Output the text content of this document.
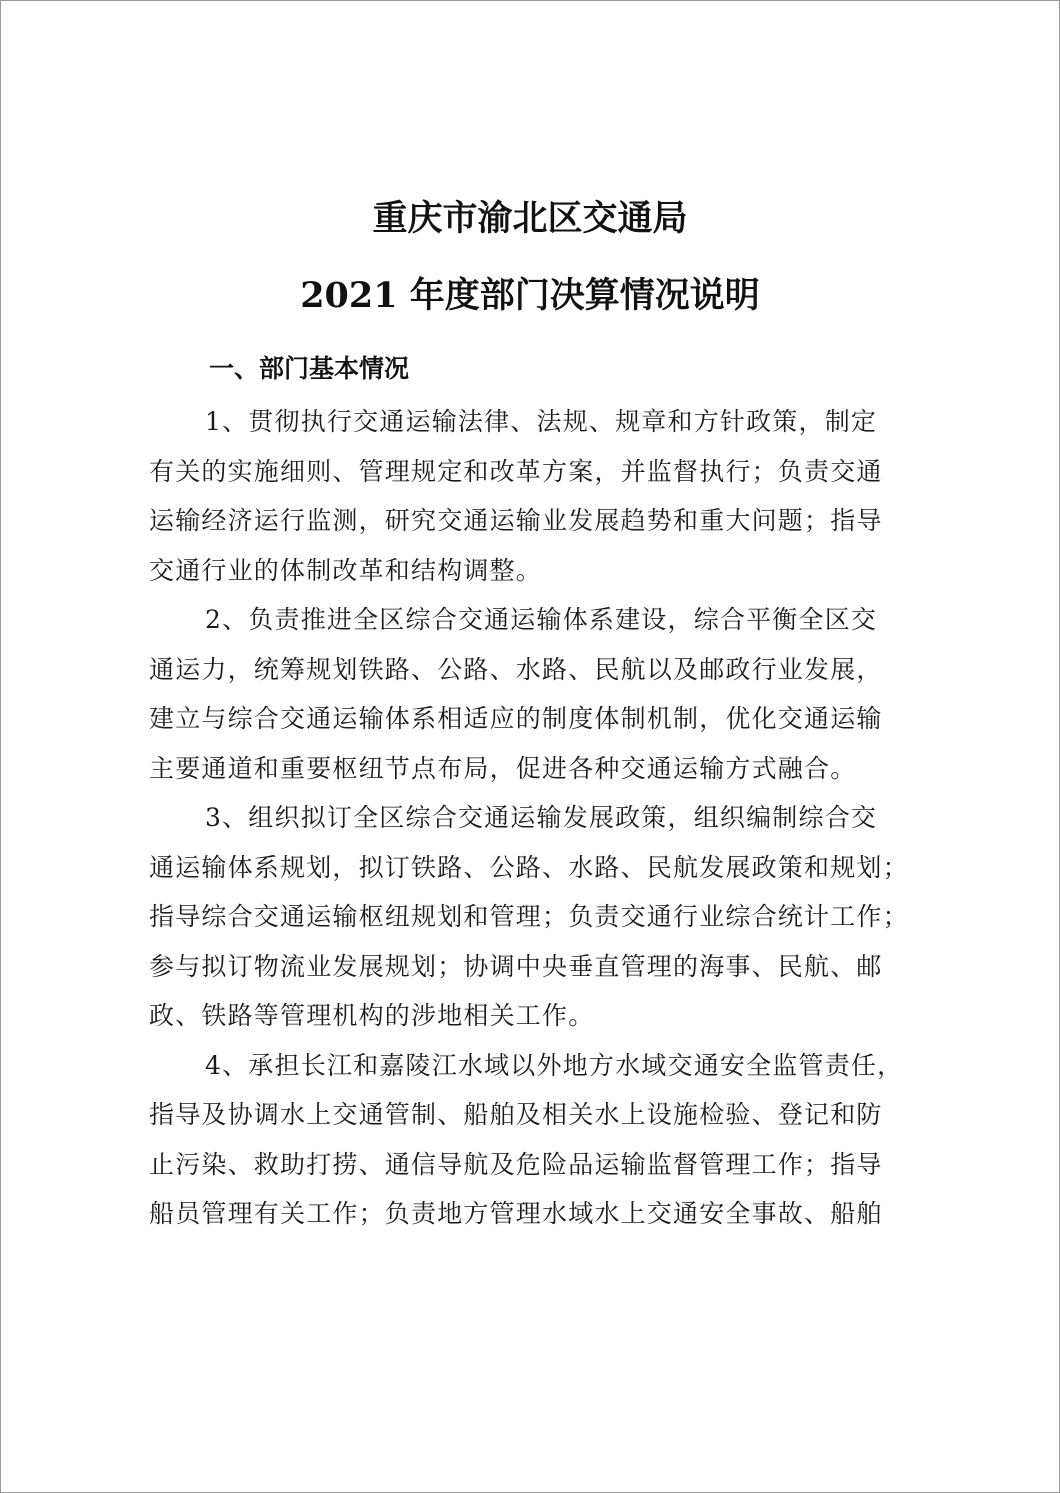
重庆市渝北区交通局
2021 年度部门决算情况说明
一、部门基本情况
1、贯彻执行交通运输法律、法规、规章和方针政策，制定
有关的实施细则、管理规定和改革方案，并监督执行；负责交通
运输经济运行监测，研究交通运输业发展趋势和重大问题；指导
交通行业的体制改革和结构调整。
2、负责推进全区综合交通运输体系建设，综合平衡全区交
通运力，统筹规划铁路、公路、水路、民航以及邮政行业发展，
建立与综合交通运输体系相适应的制度体制机制，优化交通运输
主要通道和重要枢纽节点布局，促进各种交通运输方式融合。
3、组织拟订全区综合交通运输发展政策，组织编制综合交
通运输体系规划，拟订铁路、公路、水路、民航发展政策和规划；
指导综合交通运输枢纽规划和管理；负责交通行业综合统计工作；
参与拟订物流业发展规划；协调中央垂直管理的海事、民航、邮
政、铁路等管理机构的涉地相关工作。
4、承担长江和嘉陵江水域以外地方水域交通安全监管责任，
指导及协调水上交通管制、船舶及相关水上设施检验、登记和防
止污染、救助打捞、通信导航及危险品运输监督管理工作；指导
船员管理有关工作；负责地方管理水域水上交通安全事故、船舶
